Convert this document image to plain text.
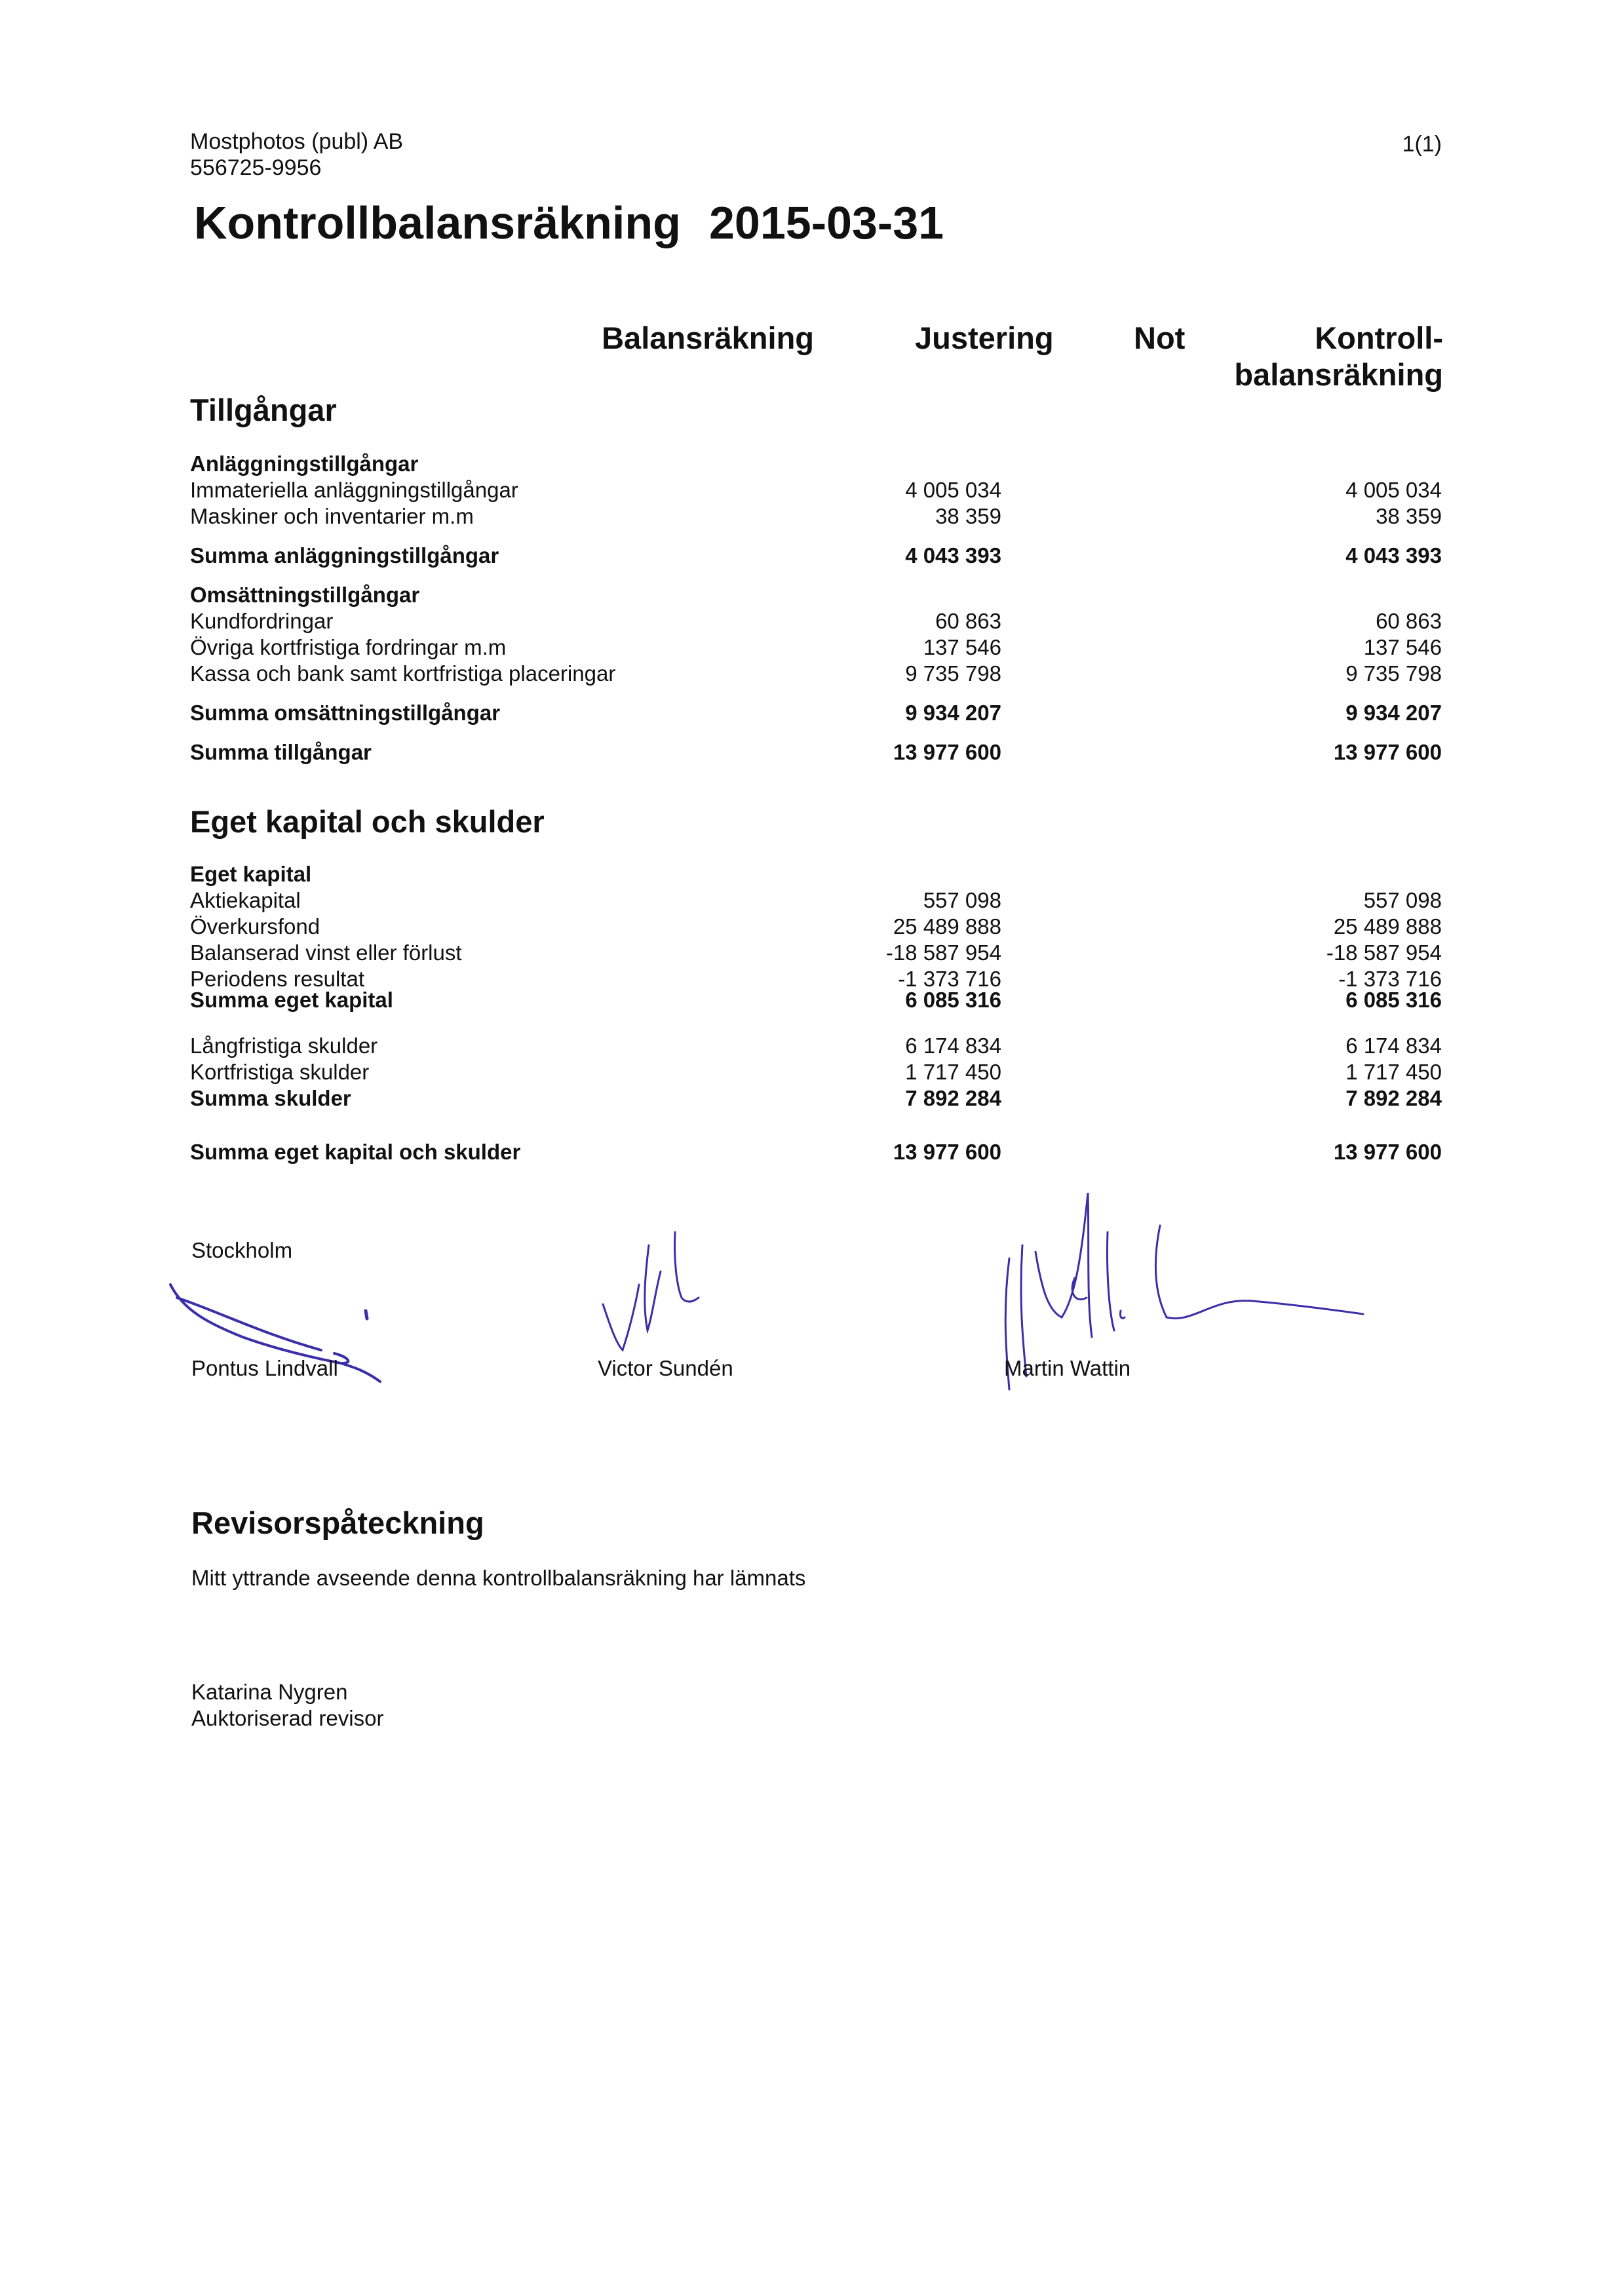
Mostphotos (publ) AB
556725-9956
1(1)
Kontrollbalansräkning 2015-03-31
Balansräkning	Justering	Not	Kontroll-
balansräkning
Tillgångar
Anläggningstillgångar
Immateriella anläggningstillgångar	4 005 034	4 005 034
Maskiner och inventarier m.m	38 359	38 359
Summa anläggningstillgångar	4 043 393	4 043 393
Omsättningstillgångar
Kundfordringar	60 863	60 863
Övriga kortfristiga fordringar m.m	137 546	137 546
Kassa och bank samt kortfristiga placeringar	9 735 798	9 735 798
Summa omsättningstillgångar	9 934 207	9 934 207
Summa tillgångar	13 977 600	13 977 600
Eget kapital och skulder
Eget kapital
Aktiekapital	557 098	557 098
Överkursfond	25 489 888	25 489 888
Balanserad vinst eller förlust	-18 587 954	-18 587 954
Periodens resultat	-1 373 716	-1 373 716
Summa eget kapital	6 085 316	6 085 316
Långfristiga skulder	6 174 834	6 174 834
Kortfristiga skulder	1 717 450	1 717 450
Summa skulder	7 892 284	7 892 284
Summa eget kapital och skulder	13 977 600	13 977 600
Stockholm
Pontus Lindvall	Victor Sundén	Martin Wattin
Revisorspåteckning
Mitt yttrande avseende denna kontrollbalansräkning har lämnats
Katarina Nygren
Auktoriserad revisor
